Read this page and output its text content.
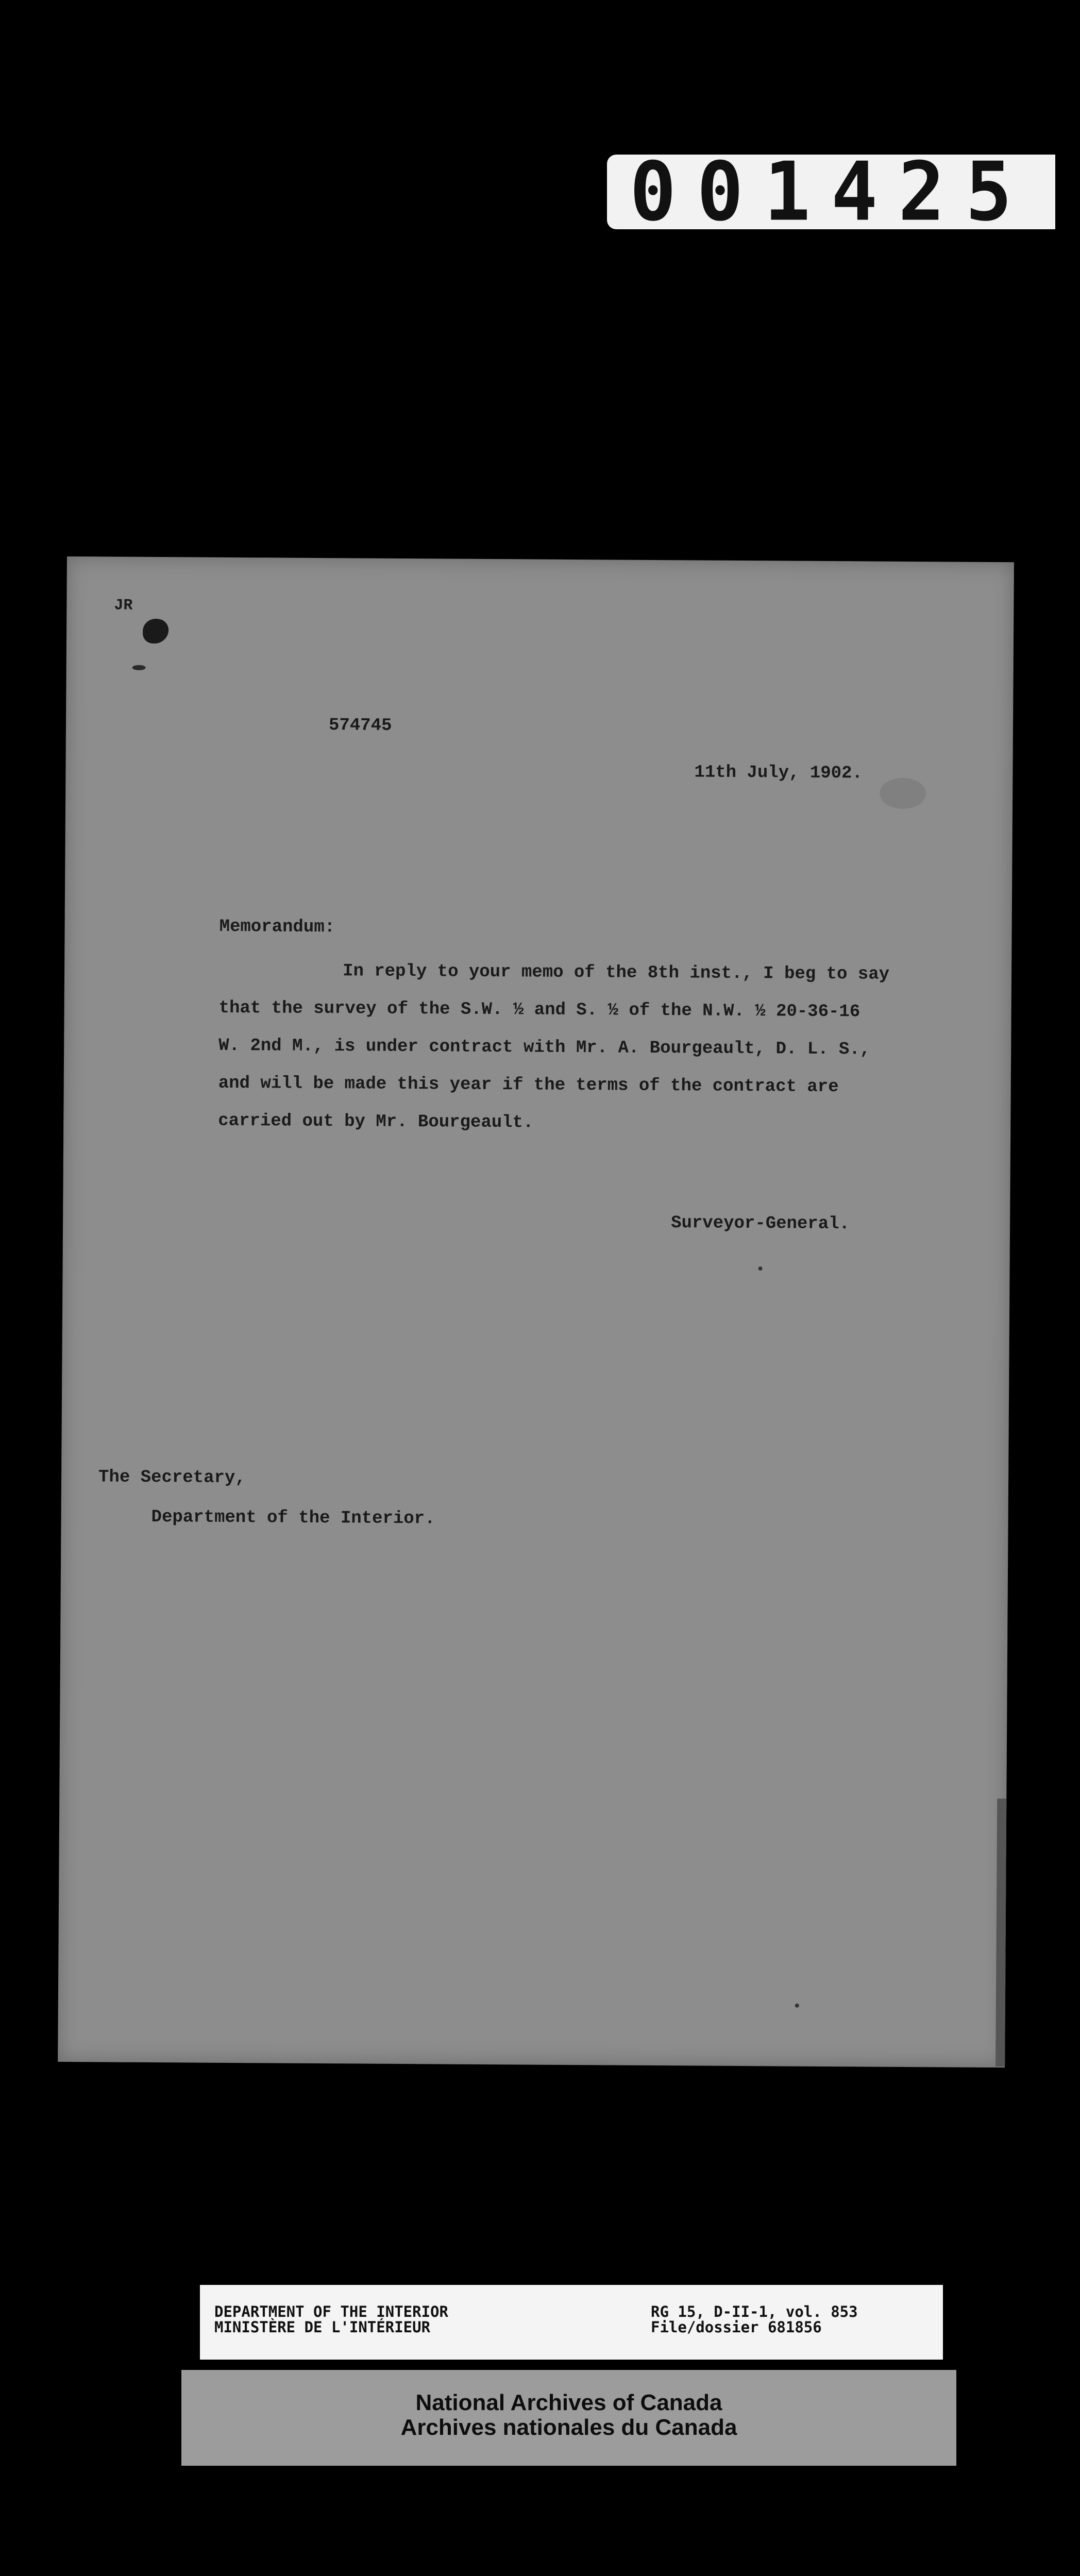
001425
JR
574745
11th July, 1902.
Memorandum:
In reply to your memo of the 8th inst., I beg to say
that the survey of the S.W. ½ and S. ½ of the N.W. ½ 20-36-16
W. 2nd M., is under contract with Mr. A. Bourgeault, D. L. S.,
and will be made this year if the terms of the contract are
carried out by Mr. Bourgeault.
Surveyor-General.
The Secretary,
Department of the Interior.
DEPARTMENT OF THE INTERIOR
MINISTÈRE DE L'INTÉRIEUR
RG 15, D-II-1, vol. 853
File/dossier 681856
National Archives of Canada
Archives nationales du Canada
